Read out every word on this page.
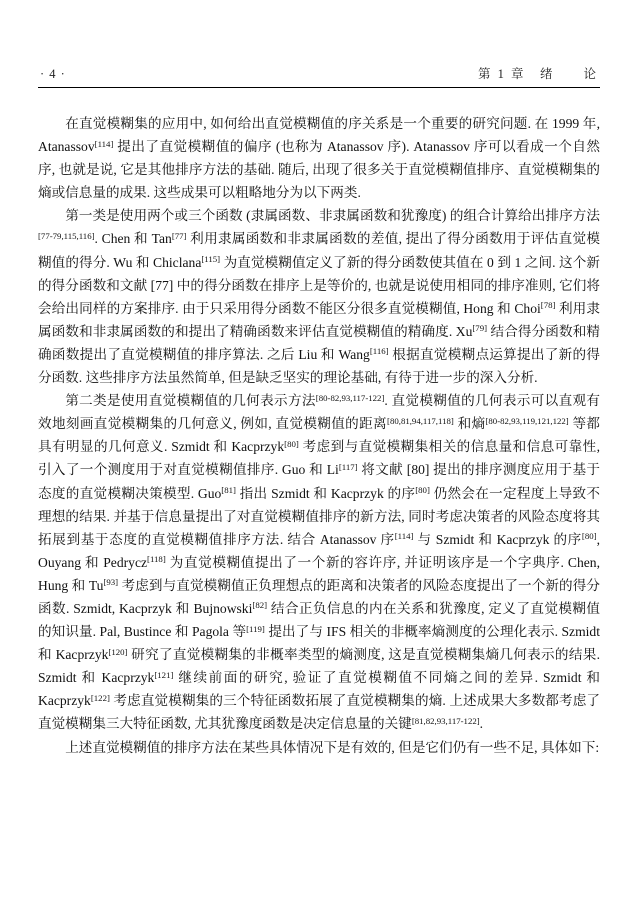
· 4 ·	第 1 章　绪　　论

在直觉模糊集的应用中, 如何给出直觉模糊值的序关系是一个重要的研究问题. 在 1999 年, Atanassov[114] 提出了直觉模糊值的偏序 (也称为 Atanassov 序). Atanassov 序可以看成一个自然序, 也就是说, 它是其他排序方法的基础. 随后, 出现了很多关于直觉模糊值排序、直觉模糊集的熵或信息量的成果. 这些成果可以粗略地分为以下两类.

第一类是使用两个或三个函数 (隶属函数、非隶属函数和犹豫度) 的组合计算给出排序方法[77-79,115,116]. Chen 和 Tan[77] 利用隶属函数和非隶属函数的差值, 提出了得分函数用于评估直觉模糊值的得分. Wu 和 Chiclana[115] 为直觉模糊值定义了新的得分函数使其值在 0 到 1 之间. 这个新的得分函数和文献 [77] 中的得分函数在排序上是等价的, 也就是说使用相同的排序准则, 它们将会给出同样的方案排序. 由于只采用得分函数不能区分很多直觉模糊值, Hong 和 Choi[78] 利用隶属函数和非隶属函数的和提出了精确函数来评估直觉模糊值的精确度. Xu[79] 结合得分函数和精确函数提出了直觉模糊值的排序算法. 之后 Liu 和 Wang[116] 根据直觉模糊点运算提出了新的得分函数. 这些排序方法虽然简单, 但是缺乏坚实的理论基础, 有待于进一步的深入分析.

第二类是使用直觉模糊值的几何表示方法[80-82,93,117-122]. 直觉模糊值的几何表示可以直观有效地刻画直觉模糊集的几何意义, 例如, 直觉模糊值的距离[80,81,94,117,118] 和熵[80-82,93,119,121,122] 等都具有明显的几何意义. Szmidt 和 Kacprzyk[80] 考虑到与直觉模糊集相关的信息量和信息可靠性, 引入了一个测度用于对直觉模糊值排序. Guo 和 Li[117] 将文献 [80] 提出的排序测度应用于基于态度的直觉模糊决策模型. Guo[81] 指出 Szmidt 和 Kacprzyk 的序[80] 仍然会在一定程度上导致不理想的结果. 并基于信息量提出了对直觉模糊值排序的新方法, 同时考虑决策者的风险态度将其拓展到基于态度的直觉模糊值排序方法. 结合 Atanassov 序[114] 与 Szmidt 和 Kacprzyk 的序[80], Ouyang 和 Pedrycz[118] 为直觉模糊值提出了一个新的容许序, 并证明该序是一个字典序. Chen, Hung 和 Tu[93] 考虑到与直觉模糊值正负理想点的距离和决策者的风险态度提出了一个新的得分函数. Szmidt, Kacprzyk 和 Bujnowski[82] 结合正负信息的内在关系和犹豫度, 定义了直觉模糊值的知识量. Pal, Bustince 和 Pagola 等[119] 提出了与 IFS 相关的非概率熵测度的公理化表示. Szmidt 和 Kacprzyk[120] 研究了直觉模糊集的非概率类型的熵测度, 这是直觉模糊集熵几何表示的结果. Szmidt 和 Kacprzyk[121] 继续前面的研究, 验证了直觉模糊值不同熵之间的差异. Szmidt 和 Kacprzyk[122] 考虑直觉模糊集的三个特征函数拓展了直觉模糊集的熵. 上述成果大多数都考虑了直觉模糊集三大特征函数, 尤其犹豫度函数是决定信息量的关键[81,82,93,117-122].

上述直觉模糊值的排序方法在某些具体情况下是有效的, 但是它们仍有一些不足, 具体如下:
